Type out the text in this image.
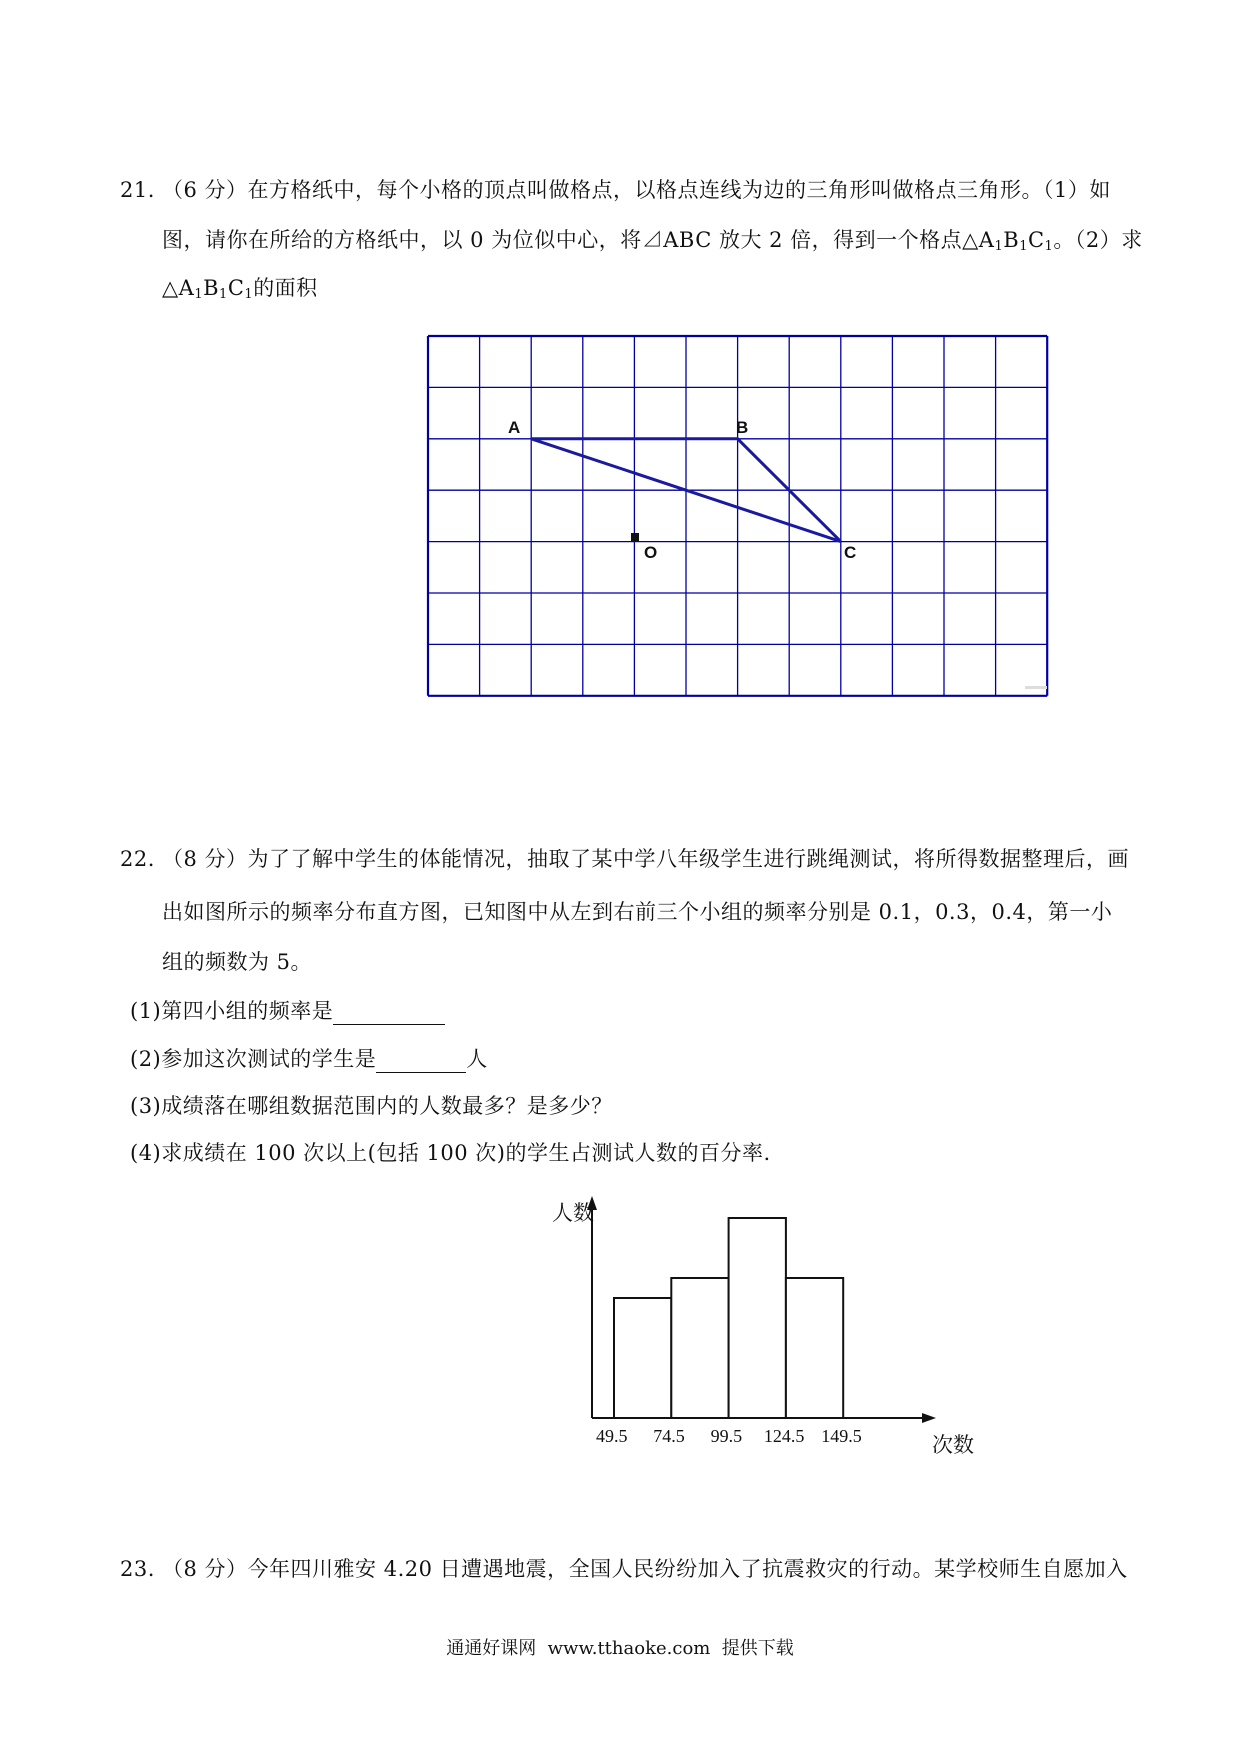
21. （6 分）在方格纸中，每个小格的顶点叫做格点，以格点连线为边的三角形叫做格点三角形。（1）如
图，请你在所给的方格纸中，以 0 为位似中心，将⊿ABC 放大 2 倍，得到一个格点$\triangle A_1B_1C_1$。（2）求
$\triangle A_1B_1C_1$的面积
A	B
C
O
22. （8 分）为了了解中学生的体能情况，抽取了某中学八年级学生进行跳绳测试，将所得数据整理后，画
出如图所示的频率分布直方图，已知图中从左到右前三个小组的频率分别是 0.1，0.3，0.4，第一小
组的频数为 5。
(1)第四小组的频率是
(2)参加这次测试的学生是	人
(3)成绩落在哪组数据范围内的人数最多？是多少？
(4)求成绩在 100 次以上(包括 100 次)的学生占测试人数的百分率.
49.5 74.5 99.5 124.5 149.5
人数
次数
23. （8 分）今年四川雅安 4.20 日遭遇地震，全国人民纷纷加入了抗震救灾的行动。某学校师生自愿加入
通通好课网  www.tthaoke.com  提供下载
